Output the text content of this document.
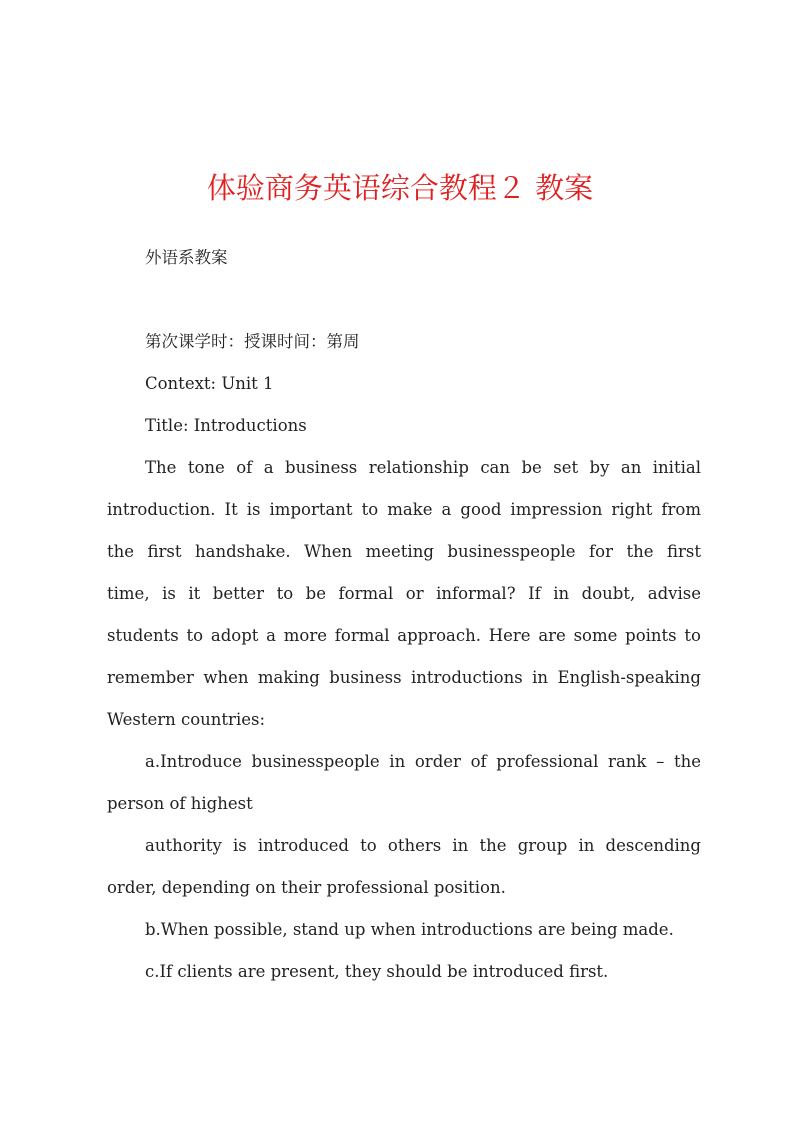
体验商务英语综合教程２ 教案

外语系教案

第次课学时：授课时间：第周

Context: Unit 1

Title: Introductions

The tone of a business relationship can be set by an initial

introduction. It is important to make a good impression right from

the first handshake. When meeting businesspeople for the first

time, is it better to be formal or informal? If in doubt, advise

students to adopt a more formal approach. Here are some points to

remember when making business introductions in English-speaking

Western countries:

a.Introduce businesspeople in order of professional rank – the

person of highest

authority is introduced to others in the group in descending

order, depending on their professional position.

b.When possible, stand up when introductions are being made.

c.If clients are present, they should be introduced first.
